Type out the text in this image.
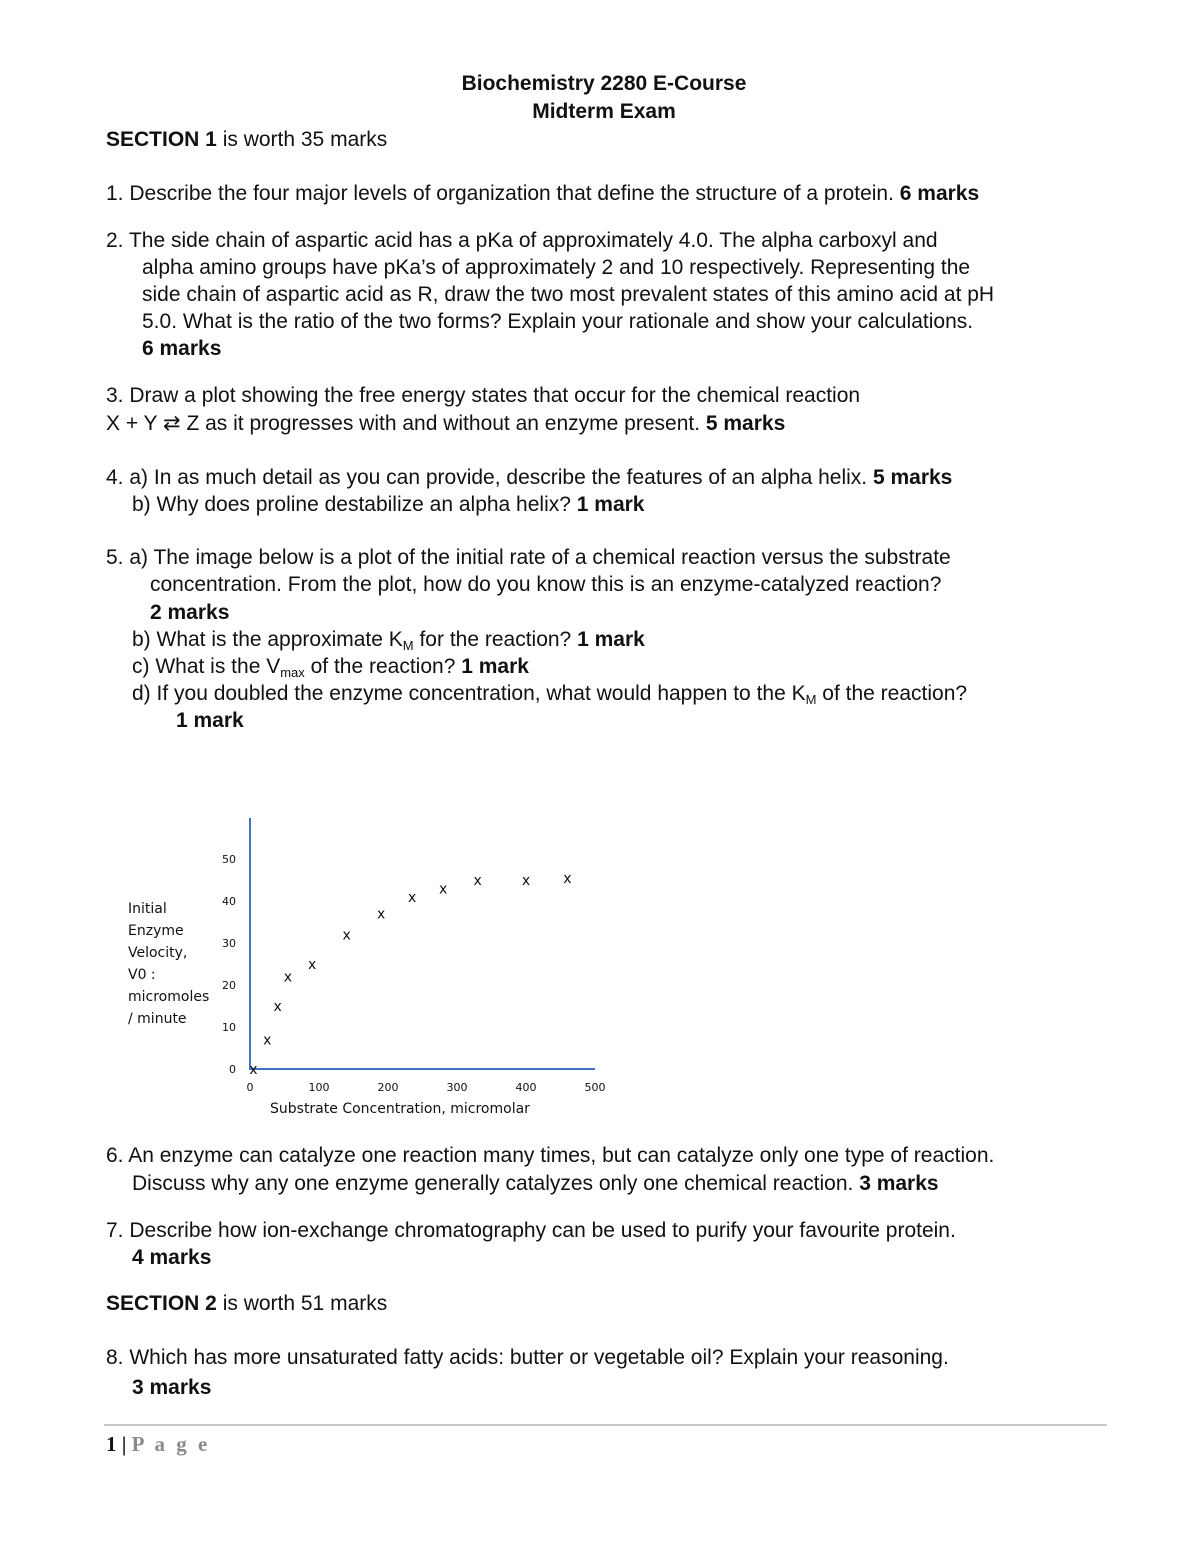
Biochemistry 2280 E-Course
Midterm Exam
SECTION 1 is worth 35 marks
1. Describe the four major levels of organization that define the structure of a protein. 6 marks
2. The side chain of aspartic acid has a pKa of approximately 4.0. The alpha carboxyl and
alpha amino groups have pKa’s of approximately 2 and 10 respectively. Representing the
side chain of aspartic acid as R, draw the two most prevalent states of this amino acid at pH
5.0. What is the ratio of the two forms? Explain your rationale and show your calculations.
6 marks
3. Draw a plot showing the free energy states that occur for the chemical reaction
X + Y ⇄ Z as it progresses with and without an enzyme present. 5 marks
4. a) In as much detail as you can provide, describe the features of an alpha helix. 5 marks
b) Why does proline destabilize an alpha helix? 1 mark
5. a) The image below is a plot of the initial rate of a chemical reaction versus the substrate
concentration. From the plot, how do you know this is an enzyme-catalyzed reaction?
2 marks
b) What is the approximate $K_M$ for the reaction? 1 mark
c) What is the $V_{max}$ of the reaction? 1 mark
d) If you doubled the enzyme concentration, what would happen to the $K_M$ of the reaction?
1 mark
0
10
20
30
40
50
0	100	200	300	400	500
Initial
Enzyme
Velocity,
V0 :
micromoles
/ minute
Substrate Concentration, micromolar
x
x
x
x
x
x
x
x
x
x	x x
6. An enzyme can catalyze one reaction many times, but can catalyze only one type of reaction.
Discuss why any one enzyme generally catalyzes only one chemical reaction. 3 marks
7. Describe how ion-exchange chromatography can be used to purify your favourite protein.
4 marks
SECTION 2 is worth 51 marks
8. Which has more unsaturated fatty acids: butter or vegetable oil? Explain your reasoning.
3 marks
1 | P a g e
